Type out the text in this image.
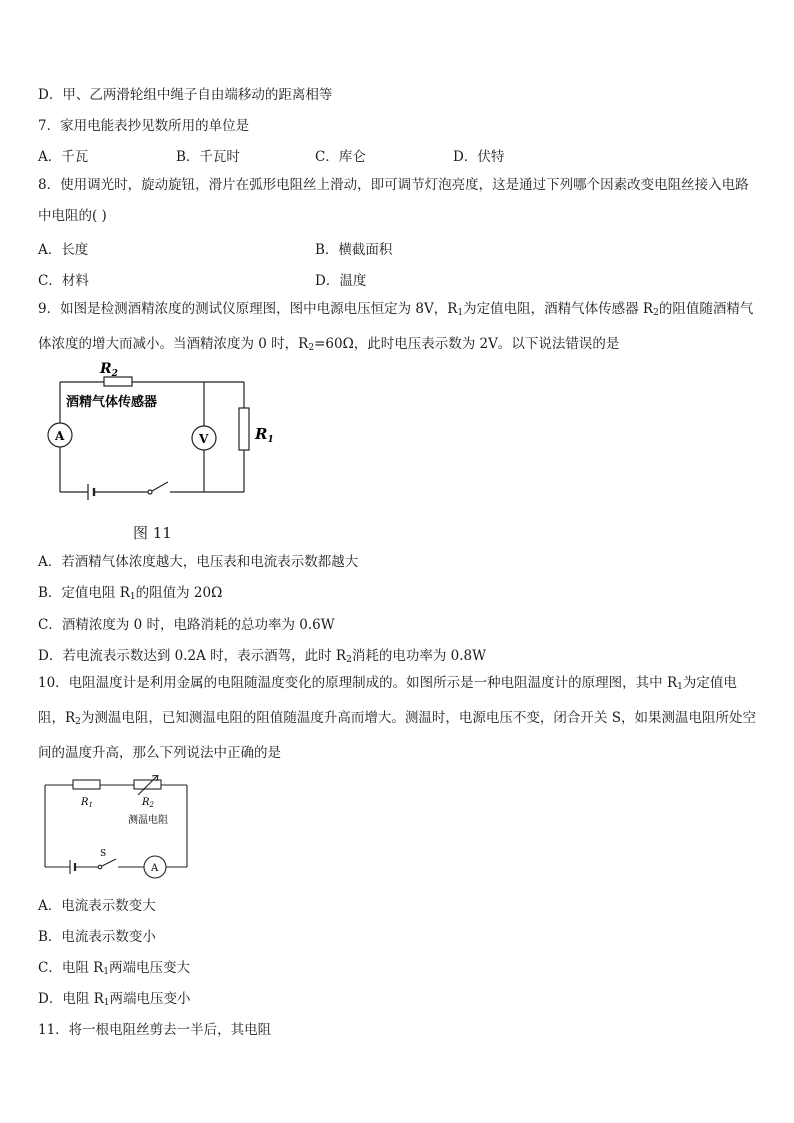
D．甲、乙两滑轮组中绳子自由端移动的距离相等
7．家用电能表抄见数所用的单位是
A．千瓦	B．千瓦时	C．库仑	D．伏特
8．使用调光时，旋动旋钮，滑片在弧形电阻丝上滑动，即可调节灯泡亮度，这是通过下列哪个因素改变电阻丝接入电路中电阻的( )
A．长度	B．横截面积
C．材料	D．温度
9．如图是检测酒精浓度的测试仪原理图，图中电源电压恒定为 8V，$R_1$为定值电阻，酒精气体传感器 $R_2$的阻值随酒精气体浓度的增大而减小。当酒精浓度为 0 时，$R_2=60\Omega$，此时电压表示数为 2V。以下说法错误的是
$R_2$
酒精气体传感器
A	V	$R_1$
图 11
A．若酒精气体浓度越大，电压表和电流表示数都越大
B．定值电阻 $R_1$的阻值为 20Ω
C．酒精浓度为 0 时，电路消耗的总功率为 0.6W
D．若电流表示数达到 0.2A 时，表示酒驾，此时 $R_2$消耗的电功率为 0.8W
10．电阻温度计是利用金属的电阻随温度变化的原理制成的。如图所示是一种电阻温度计的原理图，其中 $R_1$为定值电阻，$R_2$为测温电阻，已知测温电阻的阻值随温度升高而增大。测温时，电源电压不变，闭合开关 S，如果测温电阻所处空间的温度升高，那么下列说法中正确的是
$R_1$	$R_2$
测温电阻
S
A
A．电流表示数变大
B．电流表示数变小
C．电阻 $R_1$两端电压变大
D．电阻 $R_1$两端电压变小
11．将一根电阻丝剪去一半后，其电阻
